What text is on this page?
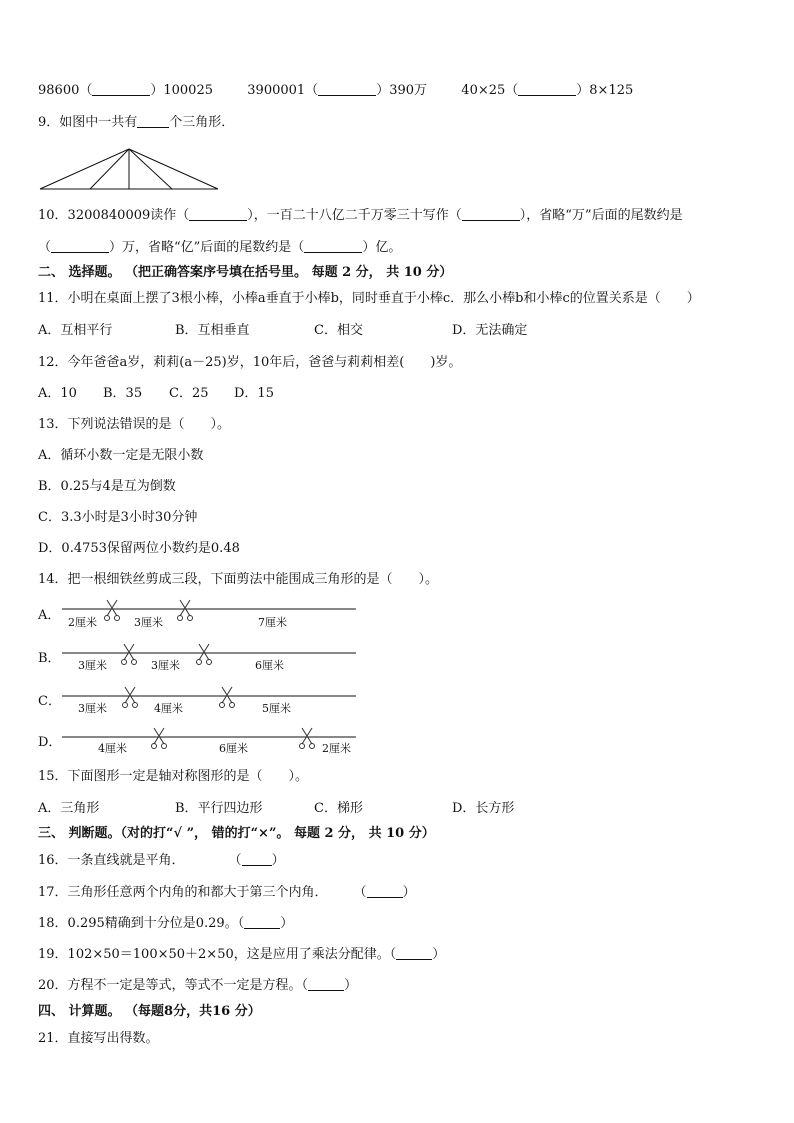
98600（	）100025	3900001（	）390万	40×25（	）8×125
9．如图中一共有 个三角形．
10．3200840009读作（	），一百二十八亿二千万零三十写作（	），省略“万”后面的尾数约是
（	）万，省略“亿”后面的尾数约是（	）亿。
二、 选择题。 （把正确答案序号填在括号里。 每题 2 分， 共 10 分）
11．小明在桌面上摆了3根小棒，小棒a垂直于小棒b，同时垂直于小棒c．那么小棒b和小棒c的位置关系是（　　）
A．互相平行	B．互相垂直	C．相交	D．无法确定
12．今年爸爸a岁，莉莉(a－25)岁，10年后，爸爸与莉莉相差(　　)岁。
A．10 B．35 C．25 D．15
13．下列说法错误的是（　　）。
A．循环小数一定是无限小数
B．0.25与4是互为倒数
C．3.3小时是3小时30分钟
D．0.4753保留两位小数约是0.48
14．把一根细铁丝剪成三段，下面剪法中能围成三角形的是（　　）。
A． 2厘米	3厘米	7厘米
B． 3厘米	3厘米	6厘米
C． 3厘米	4厘米	5厘米
D．	4厘米	6厘米	2厘米
15．下面图形一定是轴对称图形的是（　　）。
A．三角形	B．平行四边形	C．梯形	D．长方形
三、 判断题。（对的打“√ ”， 错的打“×”。 每题 2 分， 共 10 分）
16．一条直线就是平角．	（ ）
17．三角形任意两个内角的和都大于第三个内角． （	）
18．0.295精确到十分位是0.29。（	）
19．102×50＝100×50＋2×50，这是应用了乘法分配律。（	）
20．方程不一定是等式，等式不一定是方程。（	）
四、 计算题。 （每题8分，共16 分）
21．直接写出得数。
